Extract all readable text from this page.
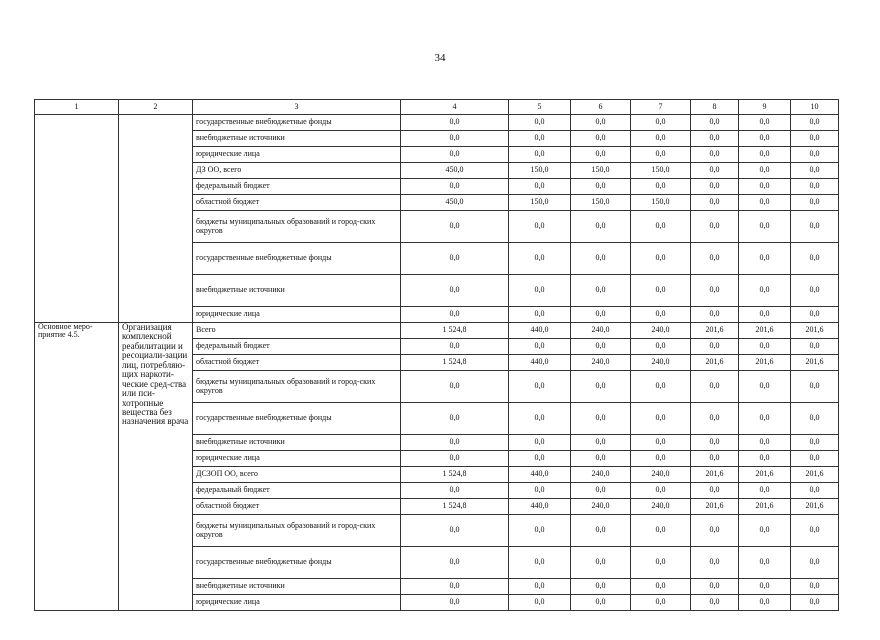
34
1	2	3	4	5	6	7	8	9	10
		государственные внебюджетные фонды	0,0	0,0	0,0	0,0	0,0	0,0	0,0
		внебюджетные источники	0,0	0,0	0,0	0,0	0,0	0,0	0,0
		юридические лица	0,0	0,0	0,0	0,0	0,0	0,0	0,0
		ДЗ ОО, всего	450,0	150,0	150,0	150,0	0,0	0,0	0,0
		федеральный бюджет	0,0	0,0	0,0	0,0	0,0	0,0	0,0
		областной бюджет	450,0	150,0	150,0	150,0	0,0	0,0	0,0
		бюджеты муниципальных образований и город-ских округов	0,0	0,0	0,0	0,0	0,0	0,0	0,0
		государственные внебюджетные фонды	0,0	0,0	0,0	0,0	0,0	0,0	0,0
		внебюджетные источники	0,0	0,0	0,0	0,0	0,0	0,0	0,0
		юридические лица	0,0	0,0	0,0	0,0	0,0	0,0	0,0
Основное меро-приятие 4.5.	Организация комплексной реабилитации и ресоциали-зации лиц, потребляю-щих наркоти-ческие сред-ства или пси-хотропные вещества без назначения врача	Всего	1 524,8	440,0	240,0	240,0	201,6	201,6	201,6
		федеральный бюджет	0,0	0,0	0,0	0,0	0,0	0,0	0,0
		областной бюджет	1 524,8	440,0	240,0	240,0	201,6	201,6	201,6
		бюджеты муниципальных образований и город-ских округов	0,0	0,0	0,0	0,0	0,0	0,0	0,0
		государственные внебюджетные фонды	0,0	0,0	0,0	0,0	0,0	0,0	0,0
		внебюджетные источники	0,0	0,0	0,0	0,0	0,0	0,0	0,0
		юридические лица	0,0	0,0	0,0	0,0	0,0	0,0	0,0
		ДСЗОП ОО, всего	1 524,8	440,0	240,0	240,0	201,6	201,6	201,6
		федеральный бюджет	0,0	0,0	0,0	0,0	0,0	0,0	0,0
		областной бюджет	1 524,8	440,0	240,0	240,0	201,6	201,6	201,6
		бюджеты муниципальных образований и город-ских округов	0,0	0,0	0,0	0,0	0,0	0,0	0,0
		государственные внебюджетные фонды	0,0	0,0	0,0	0,0	0,0	0,0	0,0
		внебюджетные источники	0,0	0,0	0,0	0,0	0,0	0,0	0,0
		юридические лица	0,0	0,0	0,0	0,0	0,0	0,0	0,0
